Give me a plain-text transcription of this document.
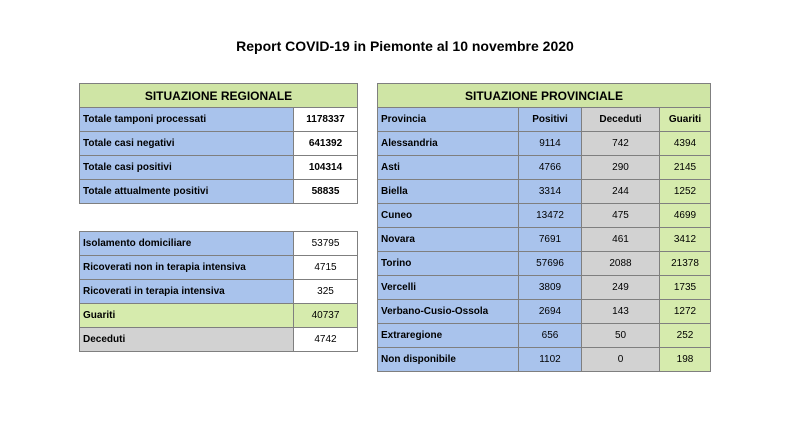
Report COVID-19 in Piemonte al 10 novembre 2020
SITUAZIONE REGIONALE	
Totale tamponi processati	1178337
Totale casi negativi	641392
Totale casi positivi	104314
Totale attualmente positivi	58835
Isolamento domiciliare	53795
Ricoverati non in terapia intensiva	4715
Ricoverati in terapia intensiva	325
Guariti	40737
Deceduti	4742
SITUAZIONE PROVINCIALE			
Provincia	Positivi	Deceduti	Guariti
Alessandria	9114	742	4394
Asti	4766	290	2145
Biella	3314	244	1252
Cuneo	13472	475	4699
Novara	7691	461	3412
Torino	57696	2088	21378
Vercelli	3809	249	1735
Verbano-Cusio-Ossola	2694	143	1272
Extraregione	656	50	252
Non disponibile	1102	0	198
